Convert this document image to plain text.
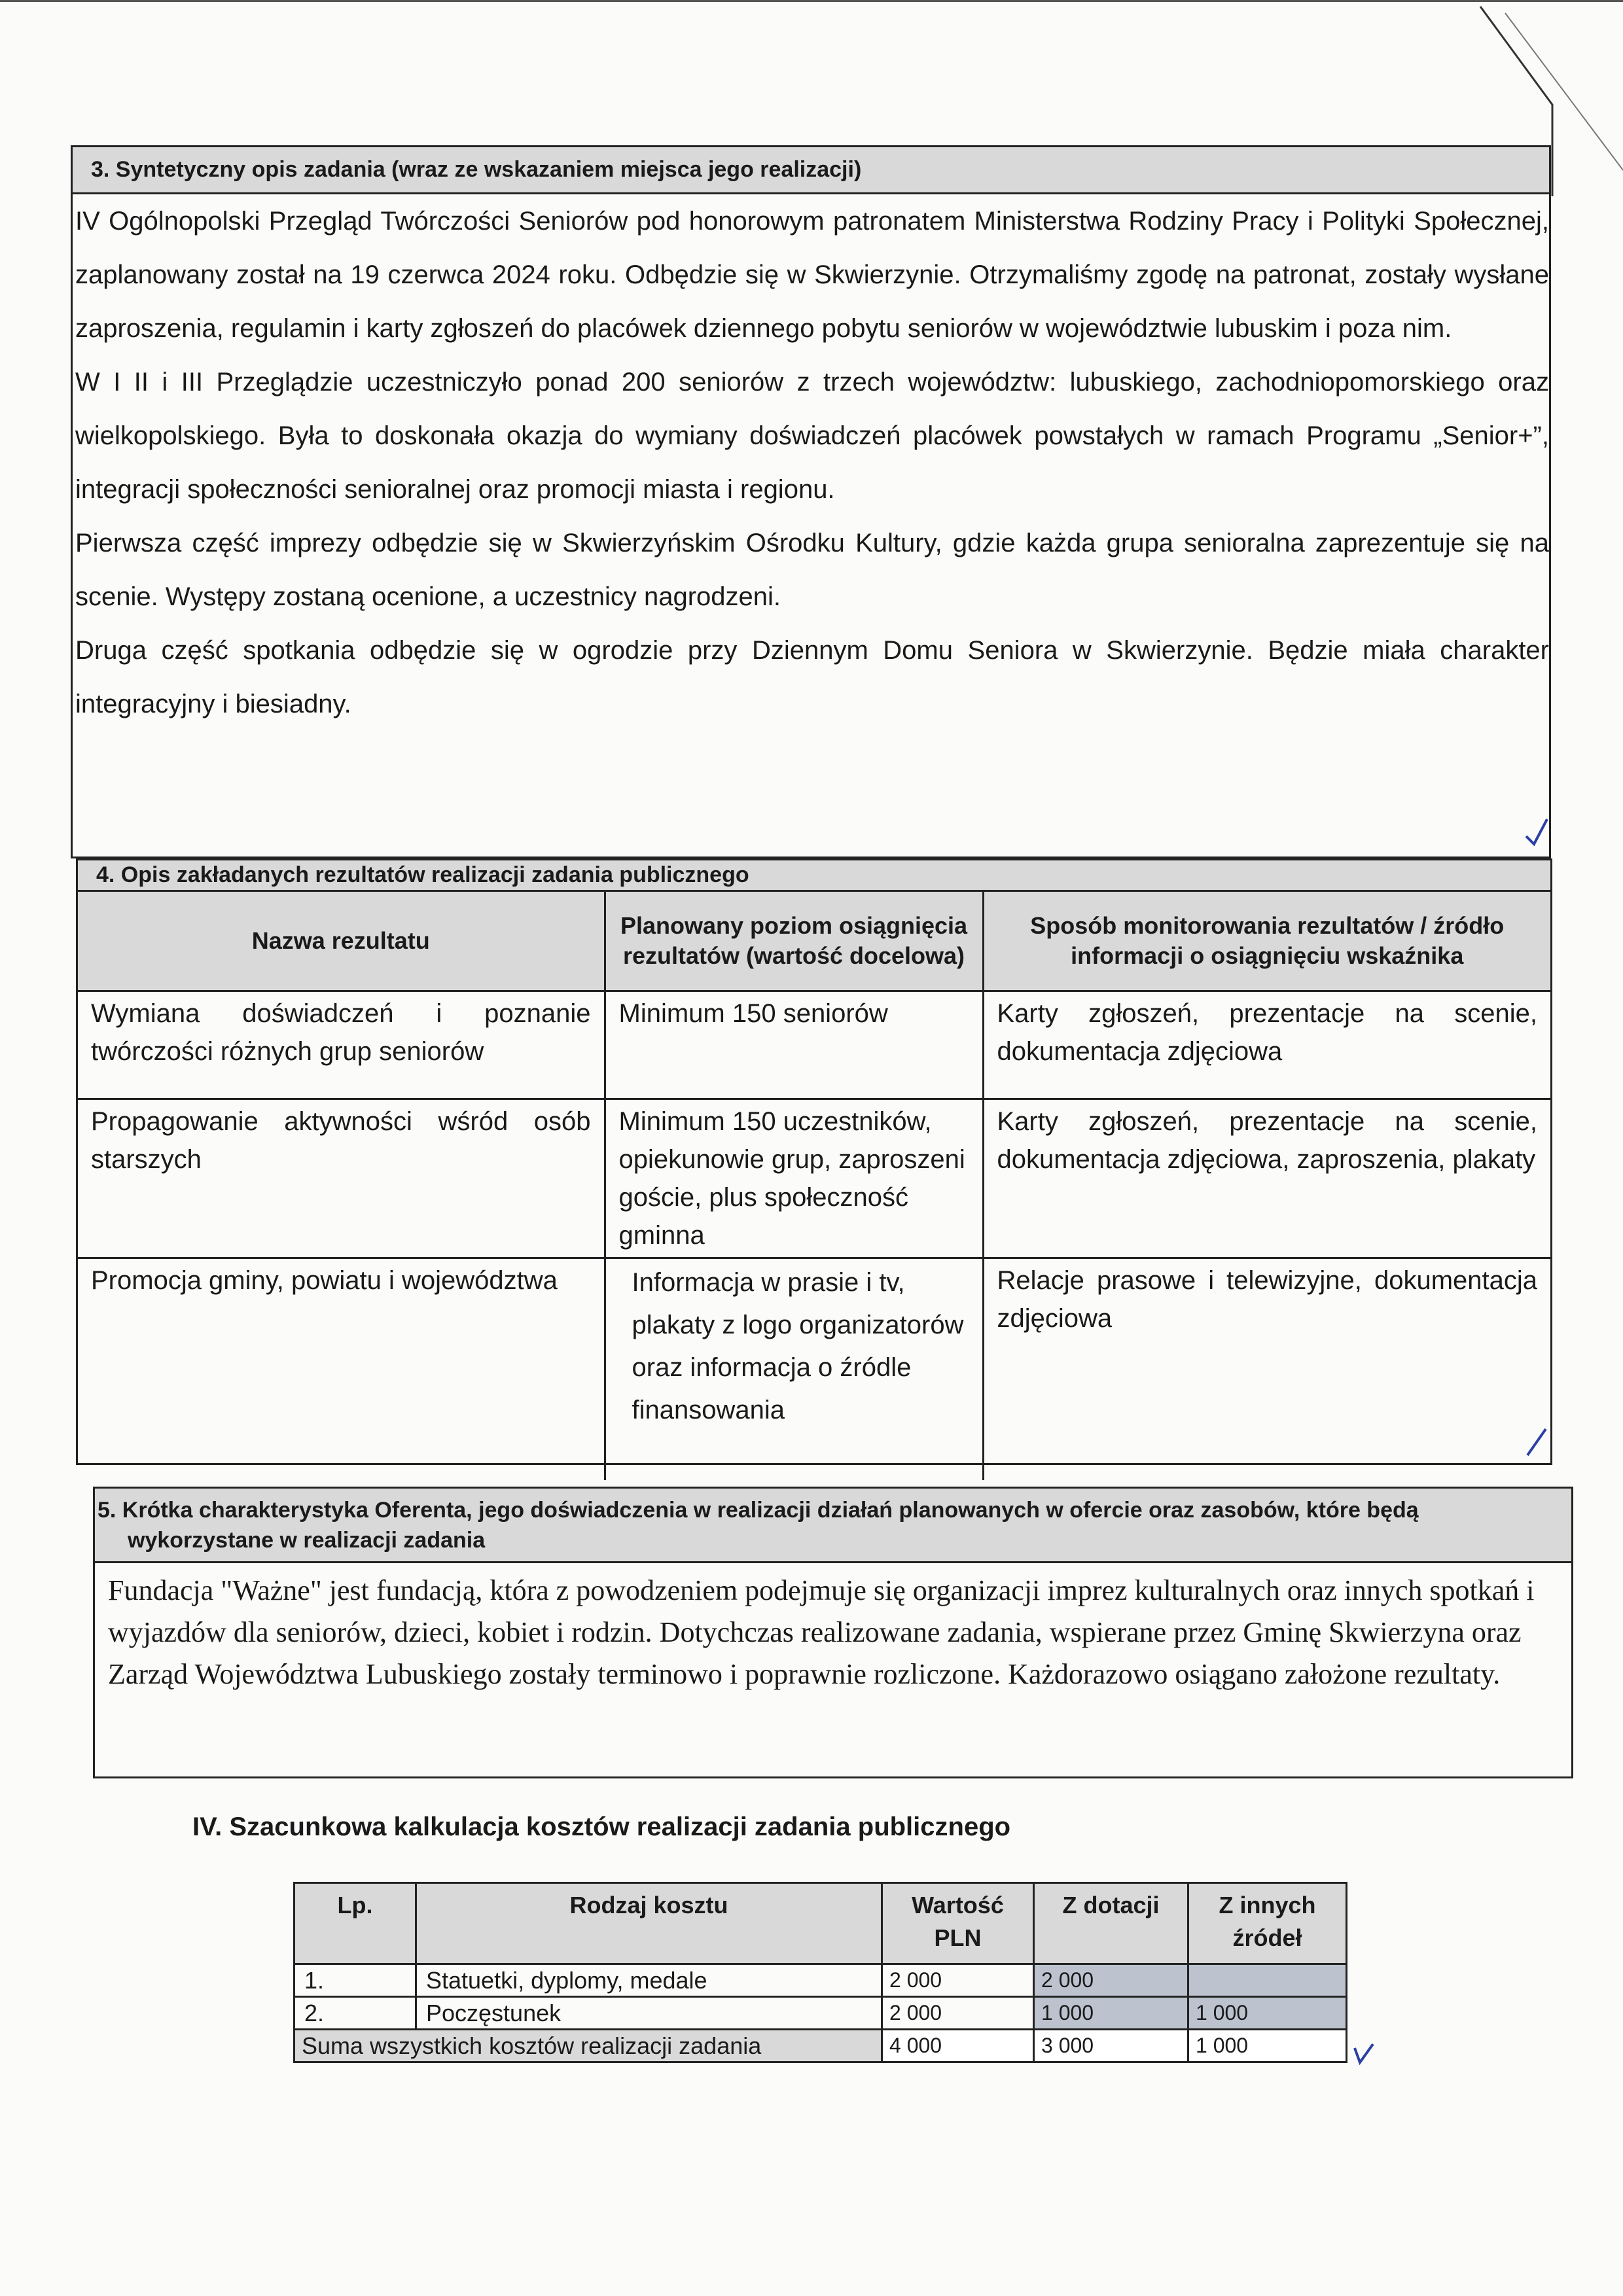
3. Syntetyczny opis zadania (wraz ze wskazaniem miejsca jego realizacji)

IV Ogólnopolski Przegląd Twórczości Seniorów pod honorowym patronatem Ministerstwa Rodziny Pracy i Polityki Społecznej, zaplanowany został na 19 czerwca 2024 roku. Odbędzie się w Skwierzynie. Otrzymaliśmy zgodę na patronat, zostały wysłane zaproszenia, regulamin i karty zgłoszeń do placówek dziennego pobytu seniorów w województwie lubuskim i poza nim.

W I II i III Przeglądzie uczestniczyło ponad 200 seniorów z trzech województw: lubuskiego, zachodniopomorskiego oraz wielkopolskiego. Była to doskonała okazja do wymiany doświadczeń placówek powstałych w ramach Programu „Senior+”, integracji społeczności senioralnej oraz promocji miasta i regionu.

Pierwsza część imprezy odbędzie się w Skwierzyńskim Ośrodku Kultury, gdzie każda grupa senioralna zaprezentuje się na scenie. Występy zostaną ocenione, a uczestnicy nagrodzeni.

Druga część spotkania odbędzie się w ogrodzie przy Dziennym Domu Seniora w Skwierzynie. Będzie miała charakter integracyjny i biesiadny.

4. Opis zakładanych rezultatów realizacji zadania publicznego
Nazwa rezultatu	Planowany poziom osiągnięcia rezultatów (wartość docelowa)	Sposób monitorowania rezultatów / źródło informacji o osiągnięciu wskaźnika
Wymiana doświadczeń i poznanie twórczości różnych grup seniorów	Minimum 150 seniorów	Karty zgłoszeń, prezentacje na scenie, dokumentacja zdjęciowa
Propagowanie aktywności wśród osób starszych	Minimum 150 uczestników, opiekunowie grup, zaproszeni goście, plus społeczność gminna	Karty zgłoszeń, prezentacje na scenie, dokumentacja zdjęciowa, zaproszenia, plakaty
Promocja gminy, powiatu i województwa	Informacja w prasie i tv, plakaty z logo organizatorów oraz informacja o źródle finansowania	Relacje prasowe i telewizyjne, dokumentacja zdjęciowa
5. Krótka charakterystyka Oferenta, jego doświadczenia w realizacji działań planowanych w ofercie oraz zasobów, które będą

wykorzystane w realizacji zadania
Fundacja "Ważne" jest fundacją, która z powodzeniem podejmuje się organizacji imprez kulturalnych oraz innych spotkań i wyjazdów dla seniorów, dzieci, kobiet i rodzin. Dotychczas realizowane zadania, wspierane przez Gminę Skwierzyna oraz Zarząd Województwa Lubuskiego zostały terminowo i poprawnie rozliczone. Każdorazowo osiągano założone rezultaty.
IV. Szacunkowa kalkulacja kosztów realizacji zadania publicznego
Lp.	Rodzaj kosztu	Wartość PLN	Z dotacji	Z innych źródeł
1.	Statuetki, dyplomy, medale	2 000	2 000	
2.	Poczęstunek	2 000	1 000	1 000
Suma wszystkich kosztów realizacji zadania		4 000	3 000	1 000
